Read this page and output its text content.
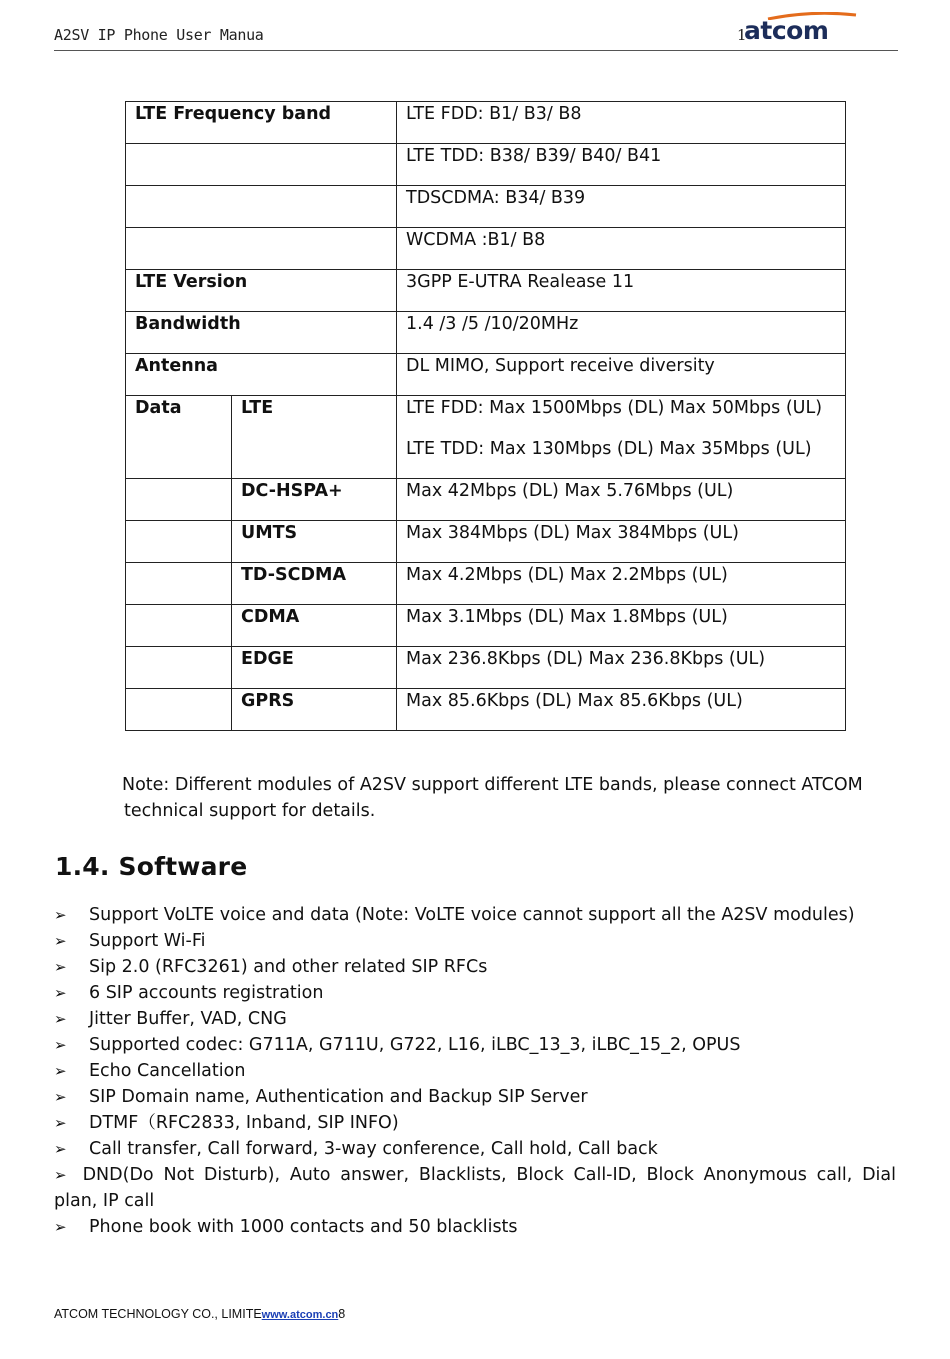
A2SV IP Phone User Manua	1
atcom
LTE Frequency band		LTE FDD: B1/ B3/ B8
		LTE TDD: B38/ B39/ B40/ B41
		TDSCDMA: B34/ B39
		WCDMA :B1/ B8
LTE Version		3GPP E-UTRA Realease 11
Bandwidth		1.4 /3 /5 /10/20MHz
Antenna		DL MIMO, Support receive diversity
Data	LTE	LTE FDD: Max 1500Mbps (DL) Max 50Mbps (UL)
LTE TDD: Max 130Mbps (DL) Max 35Mbps (UL)

	DC-HSPA+	Max 42Mbps (DL) Max 5.76Mbps (UL)
	UMTS	Max 384Mbps (DL) Max 384Mbps (UL)
	TD-SCDMA	Max 4.2Mbps (DL) Max 2.2Mbps (UL)
	CDMA	Max 3.1Mbps (DL) Max 1.8Mbps (UL)
	EDGE	Max 236.8Kbps (DL) Max 236.8Kbps (UL)
	GPRS	Max 85.6Kbps (DL) Max 85.6Kbps (UL)
Note: Different modules of A2SV support different LTE bands, please connect ATCOM
technical support for details.
1.4. Software
➢ Support VoLTE voice and data (Note: VoLTE voice cannot support all the A2SV modules)
➢ Support Wi-Fi
➢ Sip 2.0 (RFC3261) and other related SIP RFCs
➢ 6 SIP accounts registration
➢ Jitter Buffer, VAD, CNG
➢ Supported codec: G711A, G711U, G722, L16, iLBC_13_3, iLBC_15_2, OPUS
➢ Echo Cancellation
➢ SIP Domain name, Authentication and Backup SIP Server
➢ DTMF（RFC2833, Inband, SIP INFO)
➢ Call transfer, Call forward, 3-way conference, Call hold, Call back
➢ DND(Do Not Disturb), Auto answer, Blacklists, Block Call-ID, Block Anonymous call, Dial plan, IP call
➢ Phone book with 1000 contacts and 50 blacklists
ATCOM TECHNOLOGY CO., LIMITEwww.atcom.cn8
